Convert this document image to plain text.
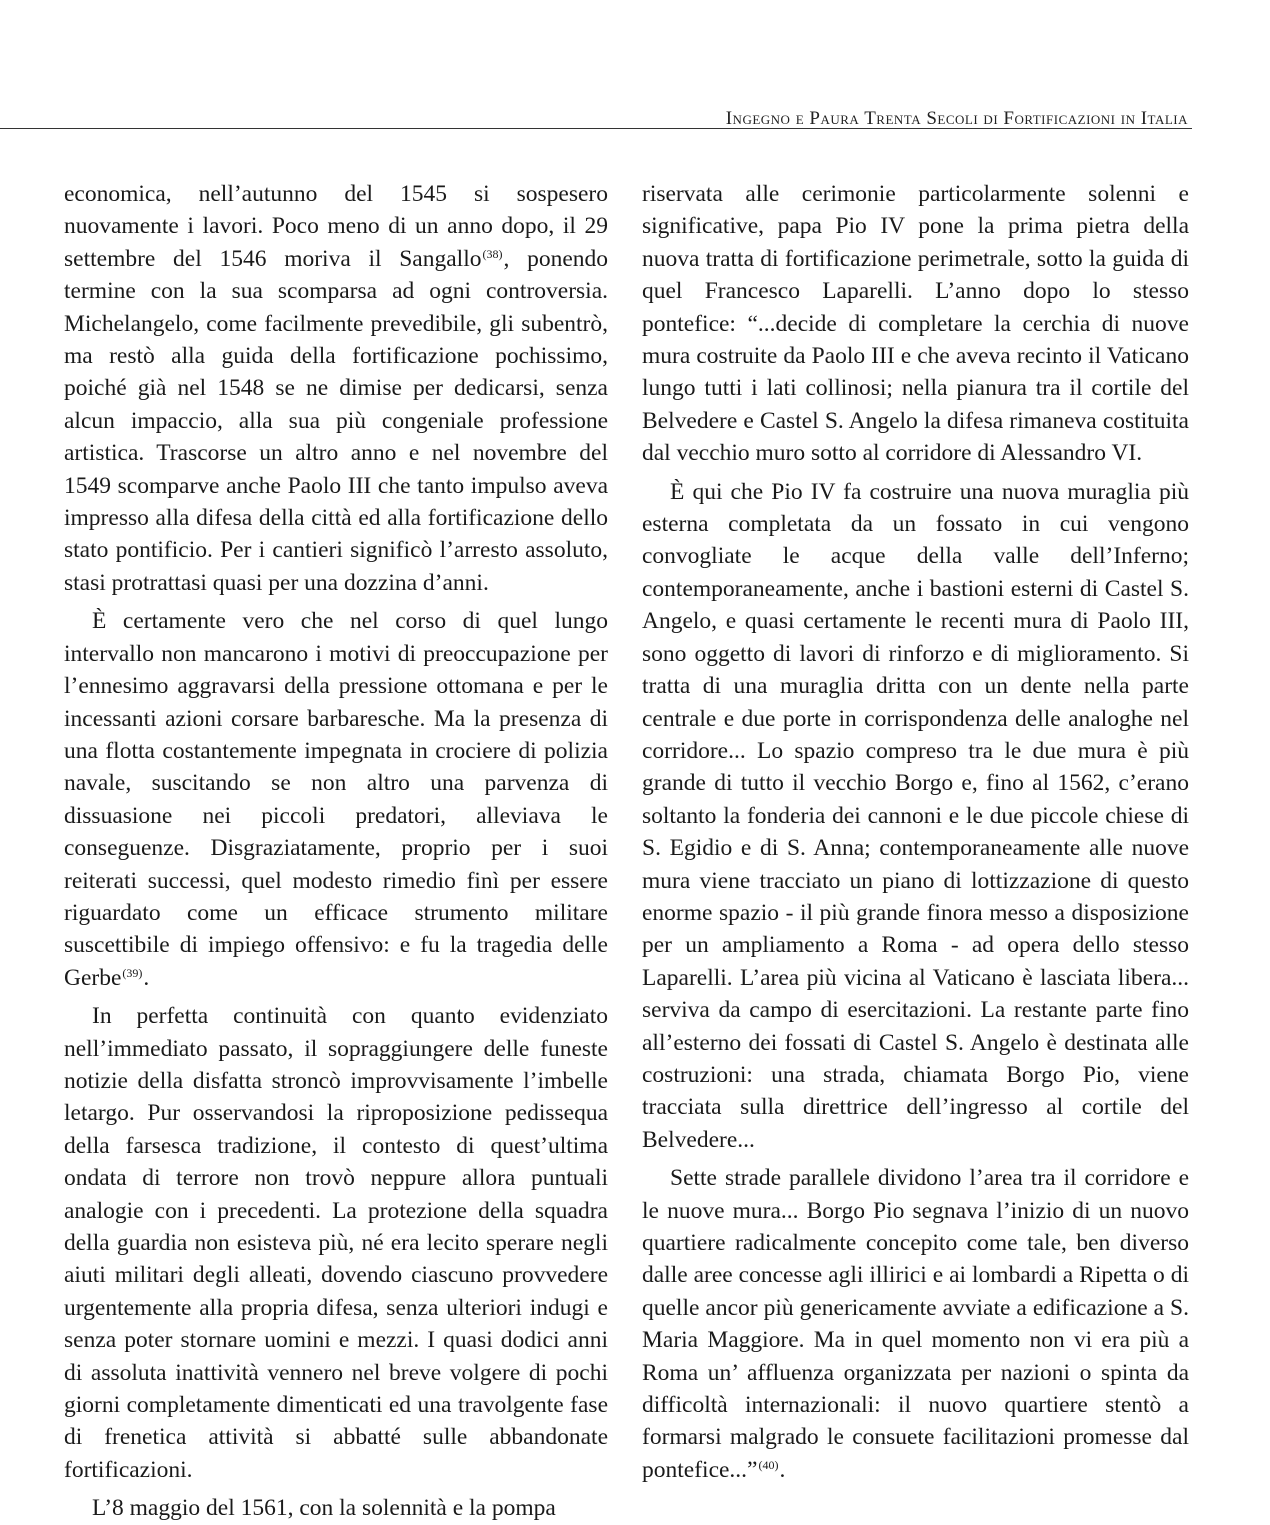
Ingegno e Paura Trenta Secoli di Fortificazioni in Italia

economica, nell’autunno del 1545 si sospesero nuovamente i lavori. Poco meno di un anno dopo, il 29 settembre del 1546 moriva il Sangallo$^{(38)}$, ponendo termine con la sua scomparsa ad ogni controversia. Michelangelo, come facilmente prevedibile, gli subentrò, ma restò alla guida della fortificazione pochissimo, poiché già nel 1548 se ne dimise per dedicarsi, senza alcun impaccio, alla sua più congeniale professione artistica. Trascorse un altro anno e nel novembre del 1549 scomparve anche Paolo III che tanto impulso aveva impresso alla difesa della città ed alla fortificazione dello stato pontificio. Per i cantieri significò l’arresto assoluto, stasi protrattasi quasi per una dozzina d’anni.

È certamente vero che nel corso di quel lungo intervallo non mancarono i motivi di preoccupazione per l’ennesimo aggravarsi della pressione ottomana e per le incessanti azioni corsare barbaresche. Ma la presenza di una flotta costantemente impegnata in crociere di polizia navale, suscitando se non altro una parvenza di dissuasione nei piccoli predatori, alleviava le conseguenze. Disgraziatamente, proprio per i suoi reiterati successi, quel modesto rimedio finì per essere riguardato come un efficace strumento militare suscettibile di impiego offensivo: e fu la tragedia delle Gerbe$^{(39)}$.

In perfetta continuità con quanto evidenziato nell’immediato passato, il sopraggiungere delle funeste notizie della disfatta stroncò improvvisamente l’imbelle letargo. Pur osservandosi la riproposizione pedissequa della farsesca tradizione, il contesto di quest’ultima ondata di terrore non trovò neppure allora puntuali analogie con i precedenti. La protezione della squadra della guardia non esisteva più, né era lecito sperare negli aiuti militari degli alleati, dovendo ciascuno provvedere urgentemente alla propria difesa, senza ulteriori indugi e senza poter stornare uomini e mezzi. I quasi dodici anni di assoluta inattività vennero nel breve volgere di pochi giorni completamente dimenticati ed una travolgente fase di frenetica attività si abbatté sulle abbandonate fortificazioni.

L’8 maggio del 1561, con la solennità e la pompa

riservata alle cerimonie particolarmente solenni e significative, papa Pio IV pone la prima pietra della nuova tratta di fortificazione perimetrale, sotto la guida di quel Francesco Laparelli. L’anno dopo lo stesso pontefice: “...decide di completare la cerchia di nuove mura costruite da Paolo III e che aveva recinto il Vaticano lungo tutti i lati collinosi; nella pianura tra il cortile del Belvedere e Castel S. Angelo la difesa rimaneva costituita dal vecchio muro sotto al corridore di Alessandro VI.

È qui che Pio IV fa costruire una nuova muraglia più esterna completata da un fossato in cui vengono convogliate le acque della valle dell’Inferno; contemporaneamente, anche i bastioni esterni di Castel S. Angelo, e quasi certamente le recenti mura di Paolo III, sono oggetto di lavori di rinforzo e di miglioramento. Si tratta di una muraglia dritta con un dente nella parte centrale e due porte in corrispondenza delle analoghe nel corridore... Lo spazio compreso tra le due mura è più grande di tutto il vecchio Borgo e, fino al 1562, c’erano soltanto la fonderia dei cannoni e le due piccole chiese di S. Egidio e di S. Anna; contemporaneamente alle nuove mura viene tracciato un piano di lottizzazione di questo enorme spazio - il più grande finora messo a disposizione per un ampliamento a Roma - ad opera dello stesso Laparelli. L’area più vicina al Vaticano è lasciata libera... serviva da campo di esercitazioni. La restante parte fino all’esterno dei fossati di Castel S. Angelo è destinata alle costruzioni: una strada, chiamata Borgo Pio, viene tracciata sulla direttrice dell’ingresso al cortile del Belvedere...

Sette strade parallele dividono l’area tra il corridore e le nuove mura... Borgo Pio segnava l’inizio di un nuovo quartiere radicalmente concepito come tale, ben diverso dalle aree concesse agli illirici e ai lombardi a Ripetta o di quelle ancor più genericamente avviate a edificazione a S. Maria Maggiore. Ma in quel momento non vi era più a Roma un’ affluenza organizzata per nazioni o spinta da difficoltà internazionali: il nuovo quartiere stentò a formarsi malgrado le consuete facilitazioni promesse dal pontefice...”$^{(40)}$.
